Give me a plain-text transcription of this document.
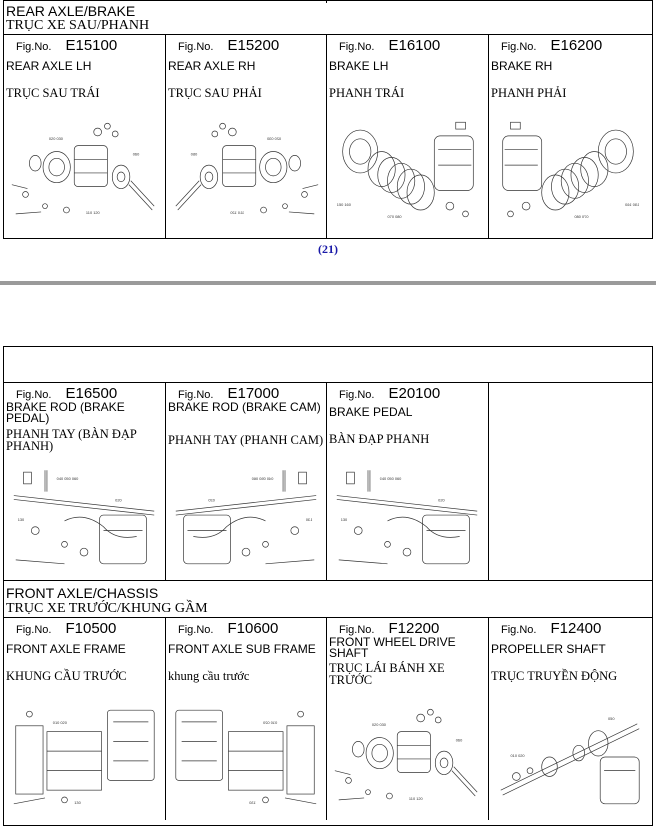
REAR AXLE/BRAKE
TRỤC XE SAU/PHANH
Fig.No. E15100
REAR AXLE LH
TRỤC SAU TRÁI
Fig.No. E15200
REAR AXLE RH
TRỤC SAU PHẢI
Fig.No. E16100
BRAKE LH
PHANH TRÁI
Fig.No. E16200
BRAKE RH
PHANH PHẢI
(21)
Fig.No. E16500
BRAKE ROD (BRAKE PEDAL)
PHANH TAY (BÀN ĐẠP PHANH)
Fig.No. E17000
BRAKE ROD (BRAKE CAM)
PHANH TAY (PHANH CAM)
Fig.No. E20100
BRAKE PEDAL
BÀN ĐẠP PHANH
FRONT AXLE/CHASSIS
TRỤC XE TRƯỚC/KHUNG GẦM
Fig.No. F10500
FRONT AXLE FRAME
KHUNG CẦU TRƯỚC
Fig.No. F10600
FRONT AXLE SUB FRAME
khung cầu trước
Fig.No. F12200
FRONT WHEEL DRIVE SHAFT
TRỤC LÁI BÁNH XE TRƯỚC
Fig.No. F12400
PROPELLER SHAFT
TRỤC TRUYỀN ĐỘNG
